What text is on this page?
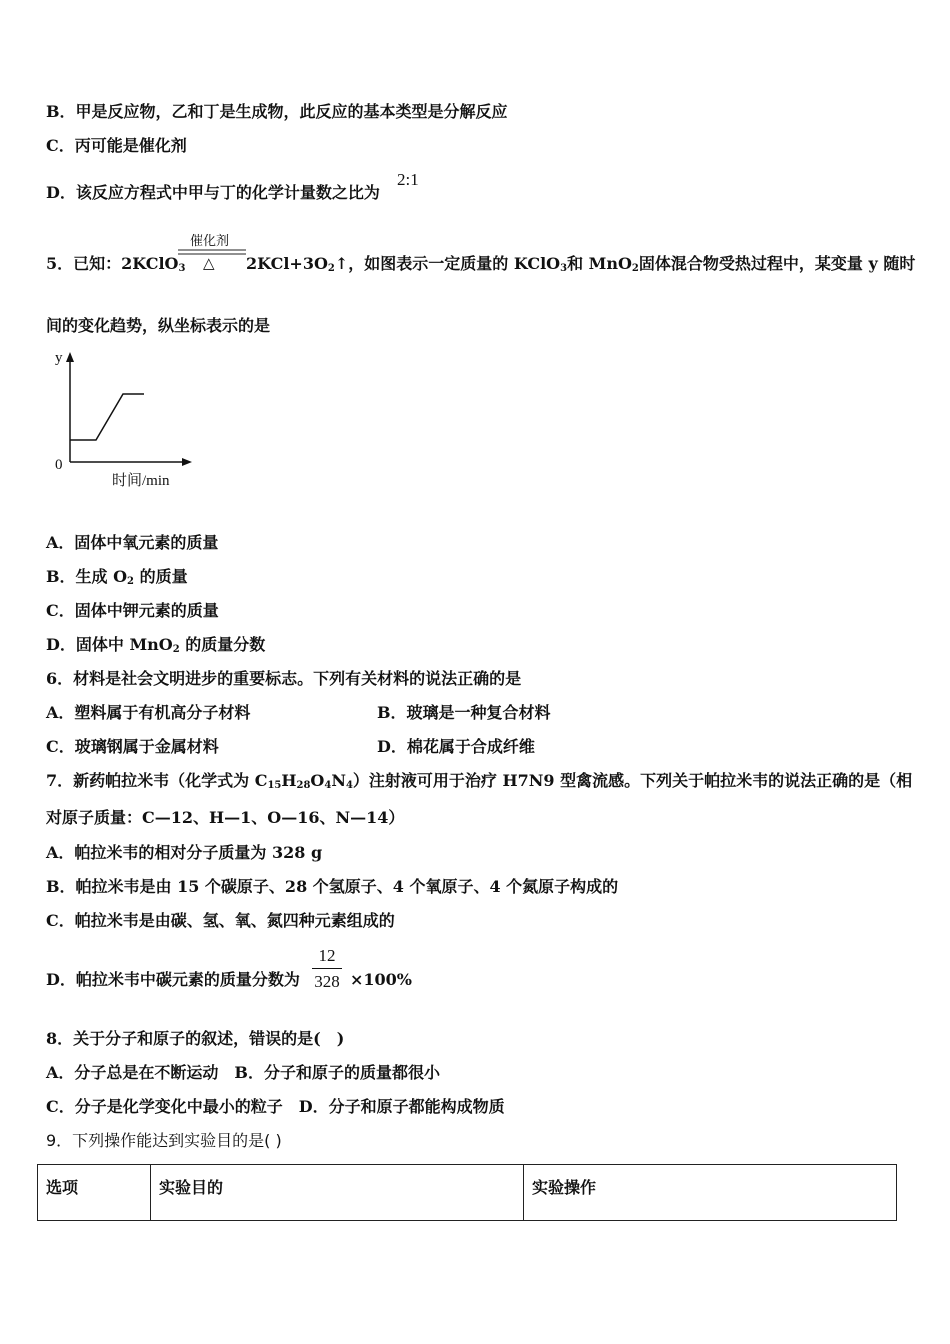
B．甲是反应物，乙和丁是生成物，此反应的基本类型是分解反应
C．丙可能是催化剂
D．该反应方程式中甲与丁的化学计量数之比为
2:1
催化剂
△
5．已知：2KClO$_3$	$2KCl+3O_2↑$，如图表示一定质量的 KClO$_3$和 MnO$_2$固体混合物受热过程中，某变量 y 随时
间的变化趋势，纵坐标表示的是
y
0
时间/min
A．固体中氧元素的质量
B．生成 $O_2$ 的质量
C．固体中钾元素的质量
D．固体中 MnO$_2$ 的质量分数
6．材料是社会文明进步的重要标志。下列有关材料的说法正确的是
A．塑料属于有机高分子材料	B．玻璃是一种复合材料
C．玻璃钢属于金属材料	D．棉花属于合成纤维
7．新药帕拉米韦（化学式为 $C_{15}H_{28}O_4N_4$）注射液可用于治疗 H7N9 型禽流感。下列关于帕拉米韦的说法正确的是（相
对原子质量：C—12、H—1、O—16、N—14）
A．帕拉米韦的相对分子质量为 328 g
B．帕拉米韦是由 15 个碳原子、28 个氢原子、4 个氧原子、4 个氮原子构成的
C．帕拉米韦是由碳、氢、氧、氮四种元素组成的
D．帕拉米韦中碳元素的质量分数为
12
328 ×100%
8．关于分子和原子的叙述，错误的是(　)
A．分子总是在不断运动　B．分子和原子的质量都很小
C．分子是化学变化中最小的粒子　D．分子和原子都能构成物质
9．下列操作能达到实验目的是( )
选项	实验目的	实验操作
